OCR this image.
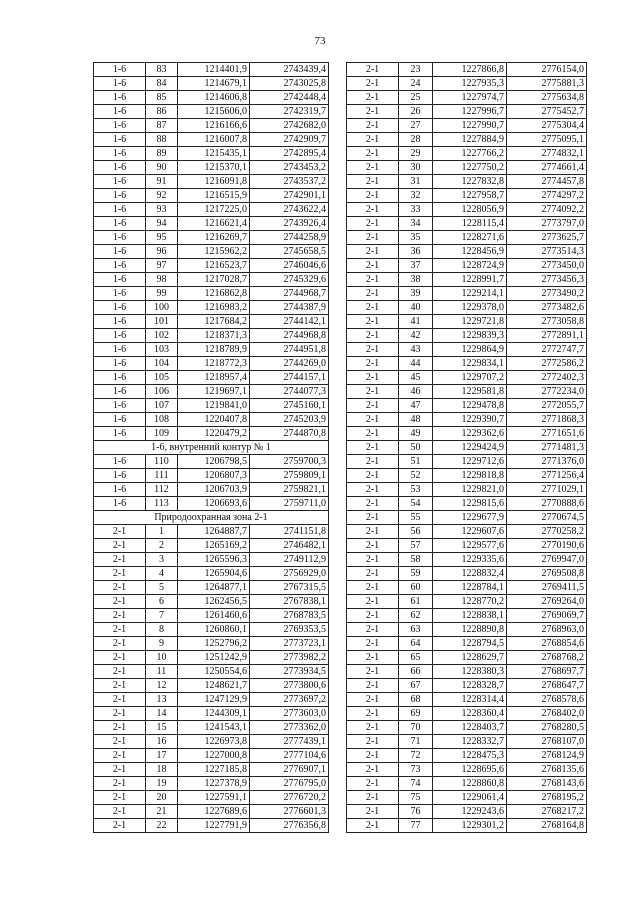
73
1-6	83	1214401,9	2743439,4
1-6	84	1214679,1	2743025,8
1-6	85	1214606,8	2742448,4
1-6	86	1215606,0	2742319,7
1-6	87	1216166,6	2742682,0
1-6	88	1216007,8	2742909,7
1-6	89	1215435,1	2742895,4
1-6	90	1215370,1	2743453,2
1-6	91	1216091,8	2743537,2
1-6	92	1216515,9	2742901,1
1-6	93	1217225,0	2743622,4
1-6	94	1216621,4	2743926,4
1-6	95	1216269,7	2744258,9
1-6	96	1215962,2	2745658,5
1-6	97	1216523,7	2746046,6
1-6	98	1217028,7	2745329,6
1-6	99	1216862,8	2744968,7
1-6	100	1216983,2	2744387,9
1-6	101	1217684,2	2744142,1
1-6	102	1218371,3	2744968,8
1-6	103	1218789,9	2744951,8
1-6	104	1218772,3	2744269,0
1-6	105	1218957,4	2744157,1
1-6	106	1219697,1	2744077,3
1-6	107	1219841,0	2745160,1
1-6	108	1220407,8	2745203,9
1-6	109	1220479,2	2744870,8
1-6, внутренний контур № 1			
1-6	110	1206798,5	2759700,3
1-6	111	1206807,3	2759809,1
1-6	112	1206703,9	2759821,1
1-6	113	1206693,6	2759711,0
Природоохранная зона 2-1			
2-1	1	1264887,7	2741151,8
2-1	2	1265169,2	2746482,1
2-1	3	1265596,3	2749112,9
2-1	4	1265904,6	2756929,0
2-1	5	1264877,1	2767315,5
2-1	6	1262456,5	2767838,1
2-1	7	1261460,6	2768783,5
2-1	8	1260860,1	2769353,5
2-1	9	1252796,2	2773723,1
2-1	10	1251242,9	2773982,2
2-1	11	1250554,6	2773934,5
2-1	12	1248621,7	2773800,6
2-1	13	1247129,9	2773697,2
2-1	14	1244309,1	2773603,0
2-1	15	1241543,1	2773362,0
2-1	16	1226973,8	2777439,1
2-1	17	1227000,8	2777104,6
2-1	18	1227185,8	2776907,1
2-1	19	1227378,9	2776795,0
2-1	20	1227591,1	2776720,2
2-1	21	1227689,6	2776601,3
2-1	22	1227791,9	2776356,8
2-1	23	1227866,8	2776154,0
2-1	24	1227935,3	2775881,3
2-1	25	1227974,7	2775634,8
2-1	26	1227996,7	2775452,7
2-1	27	1227990,7	2775304,4
2-1	28	1227884,9	2775095,1
2-1	29	1227766,2	2774832,1
2-1	30	1227750,2	2774661,4
2-1	31	1227832,8	2774457,8
2-1	32	1227958,7	2774297,2
2-1	33	1228056,9	2774092,2
2-1	34	1228115,4	2773797,0
2-1	35	1228271,6	2773625,7
2-1	36	1228456,9	2773514,3
2-1	37	1228724,9	2773450,0
2-1	38	1228991,7	2773456,3
2-1	39	1229214,1	2773490,2
2-1	40	1229378,0	2773482,6
2-1	41	1229721,8	2773058,8
2-1	42	1229839,3	2772891,1
2-1	43	1229864,9	2772747,7
2-1	44	1229834,1	2772586,2
2-1	45	1229707,2	2772402,3
2-1	46	1229581,8	2772234,0
2-1	47	1229478,8	2772055,7
2-1	48	1229390,7	2771868,3
2-1	49	1229362,6	2771651,6
2-1	50	1229424,9	2771481,3
2-1	51	1229712,6	2771376,0
2-1	52	1229818,8	2771256,4
2-1	53	1229821,0	2771029,1
2-1	54	1229815,6	2770888,6
2-1	55	1229677,9	2770674,5
2-1	56	1229607,6	2770258,2
2-1	57	1229577,6	2770190,6
2-1	58	1229335,6	2769947,0
2-1	59	1228832,4	2769508,8
2-1	60	1228784,1	2769411,5
2-1	61	1228770,2	2769264,0
2-1	62	1228838,1	2769069,7
2-1	63	1228890,8	2768963,0
2-1	64	1228794,5	2768854,6
2-1	65	1228629,7	2768768,2
2-1	66	1228380,3	2768697,7
2-1	67	1228328,7	2768647,7
2-1	68	1228314,4	2768578,6
2-1	69	1228360,4	2768402,0
2-1	70	1228403,7	2768280,5
2-1	71	1228332,7	2768107,0
2-1	72	1228475,3	2768124,9
2-1	73	1228695,6	2768135,6
2-1	74	1228860,8	2768143,6
2-1	75	1229061,4	2768195,2
2-1	76	1229243,6	2768217,2
2-1	77	1229301,2	2768164,8
